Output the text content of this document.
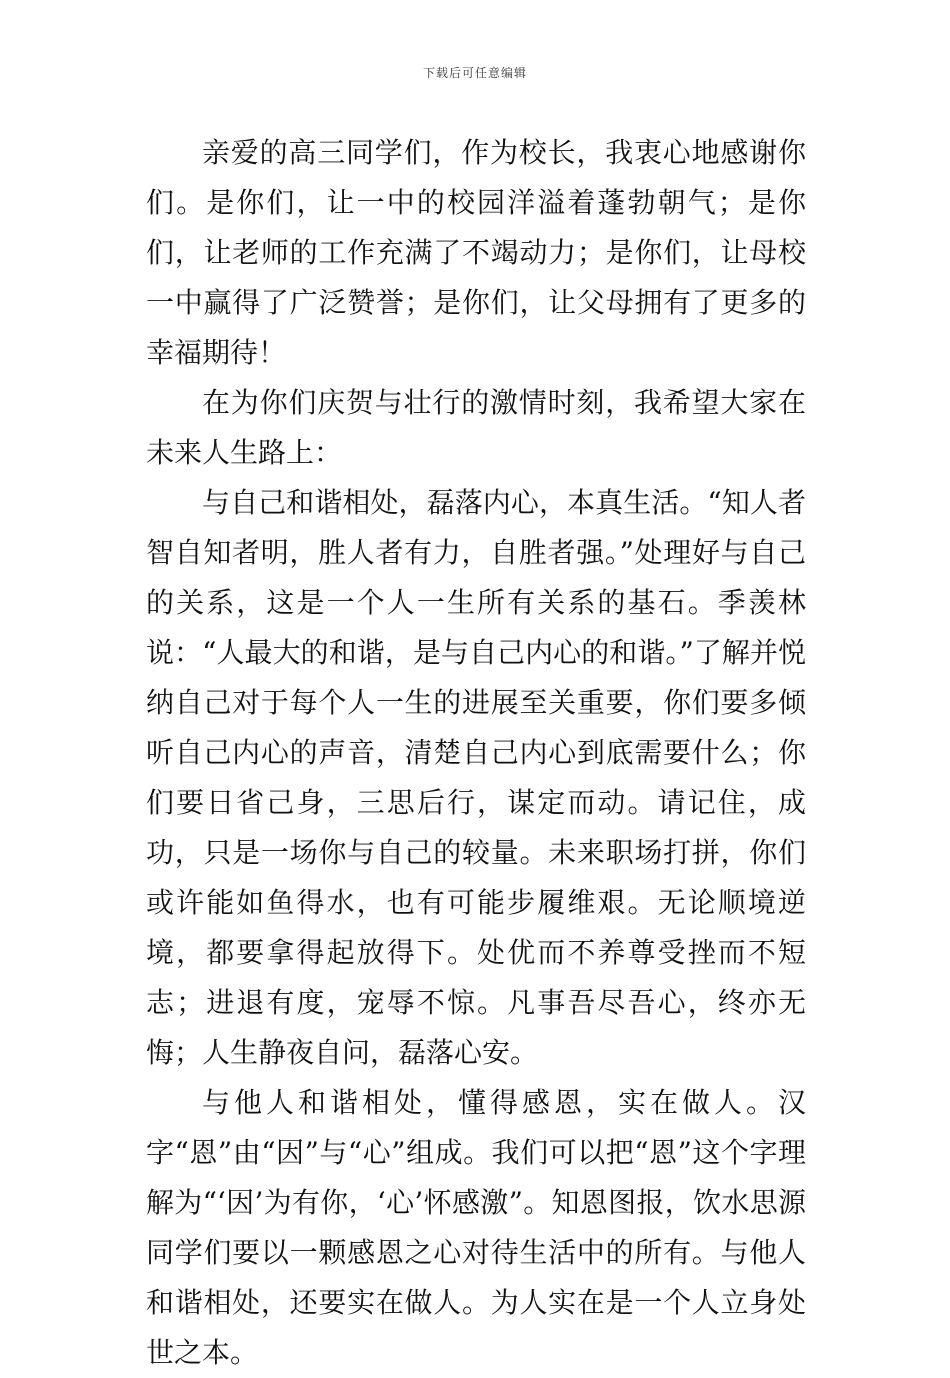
下载后可任意编辑

亲爱的高三同学们，作为校长，我衷心地感谢你们。是你们，让一中的校园洋溢着蓬勃朝气；是你们，让老师的工作充满了不竭动力；是你们，让母校一中赢得了广泛赞誉；是你们，让父母拥有了更多的幸福期待！

在为你们庆贺与壮行的激情时刻，我希望大家在未来人生路上：

与自己和谐相处，磊落内心，本真生活。“知人者智自知者明，胜人者有力，自胜者强。”处理好与自己的关系，这是一个人一生所有关系的基石。季羡林说：“人最大的和谐，是与自己内心的和谐。”了解并悦纳自己对于每个人一生的进展至关重要，你们要多倾听自己内心的声音，清楚自己内心到底需要什么；你们要日省己身，三思后行，谋定而动。请记住，成功，只是一场你与自己的较量。未来职场打拼，你们或许能如鱼得水，也有可能步履维艰。无论顺境逆境，都要拿得起放得下。处优而不养尊受挫而不短志；进退有度，宠辱不惊。凡事吾尽吾心，终亦无悔；人生静夜自问，磊落心安。

与他人和谐相处，懂得感恩，实在做人。汉字“恩”由“因”与“心”组成。我们可以把“恩”这个字理解为“‘因’为有你，‘心’怀感激”。知恩图报，饮水思源同学们要以一颗感恩之心对待生活中的所有。与他人和谐相处，还要实在做人。为人实在是一个人立身处世之本。
